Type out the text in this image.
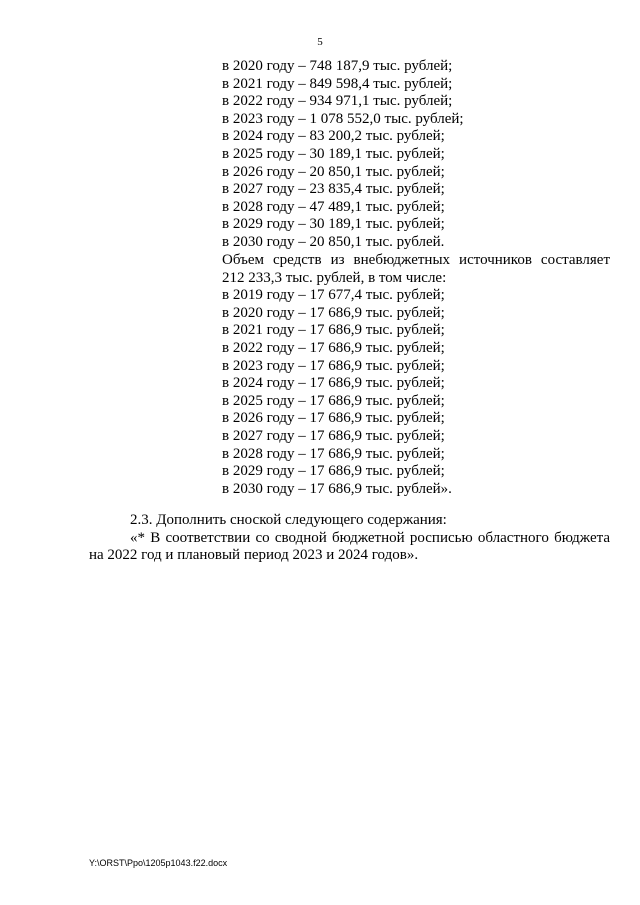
5
в 2020 году – 748 187,9 тыс. рублей;
в 2021 году – 849 598,4 тыс. рублей;
в 2022 году – 934 971,1 тыс. рублей;
в 2023 году – 1 078 552,0 тыс. рублей;
в 2024 году – 83 200,2 тыс. рублей;
в 2025 году – 30 189,1 тыс. рублей;
в 2026 году – 20 850,1 тыс. рублей;
в 2027 году – 23 835,4 тыс. рублей;
в 2028 году – 47 489,1 тыс. рублей;
в 2029 году – 30 189,1 тыс. рублей;
в 2030 году – 20 850,1 тыс. рублей.
Объем средств из внебюджетных источников составляет
212 233,3 тыс. рублей, в том числе:
в 2019 году – 17 677,4 тыс. рублей;
в 2020 году – 17 686,9 тыс. рублей;
в 2021 году – 17 686,9 тыс. рублей;
в 2022 году – 17 686,9 тыс. рублей;
в 2023 году – 17 686,9 тыс. рублей;
в 2024 году – 17 686,9 тыс. рублей;
в 2025 году – 17 686,9 тыс. рублей;
в 2026 году – 17 686,9 тыс. рублей;
в 2027 году – 17 686,9 тыс. рублей;
в 2028 году – 17 686,9 тыс. рублей;
в 2029 году – 17 686,9 тыс. рублей;
в 2030 году – 17 686,9 тыс. рублей».
2.3. Дополнить сноской следующего содержания:
«* В соответствии со сводной бюджетной росписью областного бюджета
на 2022 год и плановый период 2023 и 2024 годов».
Y:\ORST\Ppo\1205p1043.f22.docx
